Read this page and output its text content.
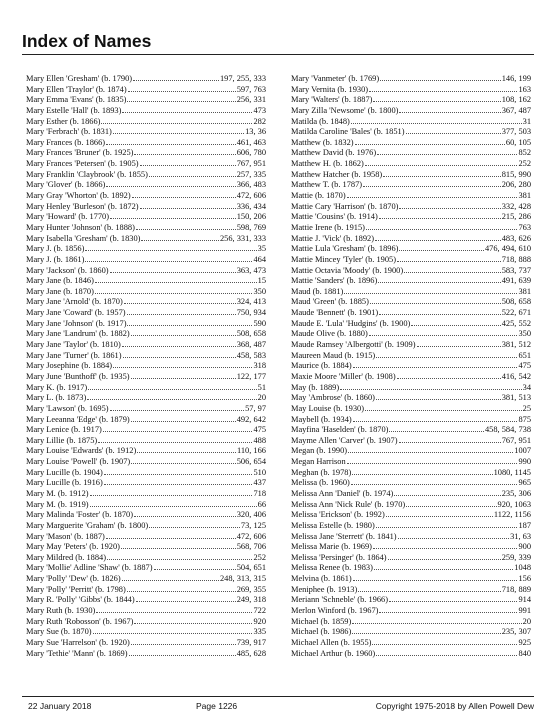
Index of Names
Mary Ellen 'Gresham' (b. 1790)	197, 255, 333
Mary Ellen 'Traylor' (b. 1874)	597, 763
Mary Emma 'Evans' (b. 1835)	256, 331
Mary Estelle 'Hall' (b. 1893)	473
Mary Esther (b. 1866)	282
Mary 'Ferbrach' (b. 1831)	13, 36
Mary Frances (b. 1866)	461, 463
Mary Frances 'Bruner' (b. 1925)	606, 780
Mary Frances 'Petersen' (b. 1905)	767, 951
Mary Franklin 'Claybrook' (b. 1855)	257, 335
Mary 'Glover' (b. 1866)	366, 483
Mary Gray 'Whorton' (b. 1892)	472, 606
Mary Henley 'Burleson' (b. 1872)	336, 434
Mary 'Howard' (b. 1770)	150, 206
Mary Hunter 'Johnson' (b. 1888)	598, 769
Mary Isabella 'Gresham' (b. 1830)	256, 331, 333
Mary J. (b. 1856)	35
Mary J. (b. 1861)	464
Mary 'Jackson' (b. 1860)	363, 473
Mary Jane (b. 1846)	15
Mary Jane (b. 1870)	350
Mary Jane 'Arnold' (b. 1870)	324, 413
Mary Jane 'Coward' (b. 1957)	750, 934
Mary Jane 'Johnson' (b. 1917)	590
Mary Jane 'Landrum' (b. 1882)	508, 658
Mary Jane 'Taylor' (b. 1810)	368, 487
Mary Jane 'Turner' (b. 1861)	458, 583
Mary Josephine (b. 1884)	318
Mary June 'Bunthoff' (b. 1935)	122, 177
Mary K. (b. 1917)	51
Mary L. (b. 1873)	20
Mary 'Lawson' (b. 1695)	57, 97
Mary Leeanna 'Edge' (b. 1879)	492, 642
Mary Lenice (b. 1917)	475
Mary Lillie (b. 1875)	488
Mary Louise 'Edwards' (b. 1912)	110, 166
Mary Louise 'Powell' (b. 1907)	506, 654
Mary Lucille (b. 1904)	510
Mary Lucille (b. 1916)	437
Mary M. (b. 1912)	718
Mary M. (b. 1919)	66
Mary Malinda 'Foster' (b. 1870)	320, 406
Mary Marguerite 'Graham' (b. 1800)	73, 125
Mary 'Mason' (b. 1887)	472, 606
Mary May 'Peters' (b. 1920)	568, 706
Mary Mildred (b. 1884)	252
Mary 'Mollie' Adline 'Shaw' (b. 1887)	504, 651
Mary 'Polly' 'Dew' (b. 1826)	248, 313, 315
Mary 'Polly' 'Perritt' (b. 1798)	269, 355
Mary R. 'Polly' 'Gibbs' (b. 1844)	249, 318
Mary Ruth (b. 1930)	722
Mary Ruth 'Robosson' (b. 1967)	920
Mary Sue (b. 1870)	335
Mary Sue 'Harrelson' (b. 1920)	739, 917
Mary 'Tethie' 'Mann' (b. 1869)	485, 628
Mary 'Vanmeter' (b. 1769)	146, 199
Mary Vernita (b. 1930)	163
Mary 'Walters' (b. 1887)	108, 162
Mary Zilla 'Newsome' (b. 1800)	367, 487
Matilda (b. 1848)	31
Matilda Caroline 'Bales' (b. 1851)	377, 503
Matthew (b. 1832)	60, 105
Matthew David (b. 1976)	852
Matthew H. (b. 1862)	252
Matthew Hatcher (b. 1958)	815, 990
Matthew T. (b. 1787)	206, 280
Mattie (b. 1870)	381
Mattie Cary 'Harrison' (b. 1870)	332, 428
Mattie 'Cousins' (b. 1914)	215, 286
Mattie Irene (b. 1915)	763
Mattie J. 'Vick' (b. 1892)	483, 626
Mattie Lula 'Gresham' (b. 1896)	476, 494, 610
Mattie Mincey 'Tyler' (b. 1905)	718, 888
Mattie Octavia 'Moody' (b. 1900)	583, 737
Mattie 'Sanders' (b. 1896)	491, 639
Maud (b. 1881)	381
Maud 'Green' (b. 1885)	508, 658
Maude 'Bennett' (b. 1901)	522, 671
Maude E. 'Lula' 'Hudgins' (b. 1900)	425, 552
Maude Olive (b. 1880)	350
Maude Ramsey 'Albergotti' (b. 1909)	381, 512
Maureen Maud (b. 1915)	651
Maurice (b. 1884)	475
Maxie Moore 'Miller' (b. 1908)	416, 542
May (b. 1889)	34
May 'Ambrose' (b. 1860)	381, 513
May Louise (b. 1930)	25
Maybell (b. 1934)	875
Mayfina 'Haselden' (b. 1870)	458, 584, 738
Mayme Allen 'Carver' (b. 1907)	767, 951
Megan (b. 1990)	1007
Megan Harrison	990
Meghan (b. 1978)	1080, 1145
Melissa (b. 1960)	965
Melissa Ann 'Daniel' (b. 1974)	235, 306
Melissa Ann 'Nick Rule' (b. 1970)	920, 1063
Melissa 'Erickson' (b. 1992)	1122, 1156
Melissa Estelle (b. 1980)	187
Melissa Jane 'Sterrett' (b. 1841)	31, 63
Melissa Marie (b. 1969)	900
Melissa 'Persinger' (b. 1864)	259, 339
Melissa Renee (b. 1983)	1048
Melvina (b. 1861)	156
Meniphee (b. 1913)	718, 889
Meriann 'Schneble' (b. 1966)	914
Merlon Winford (b. 1967)	991
Michael (b. 1859)	20
Michael (b. 1986)	235, 307
Michael Allen (b. 1955)	925
Michael Arthur (b. 1960)	840
22 January 2018	Page 1226	Copyright 1975-2018 by Allen Powell Dew
